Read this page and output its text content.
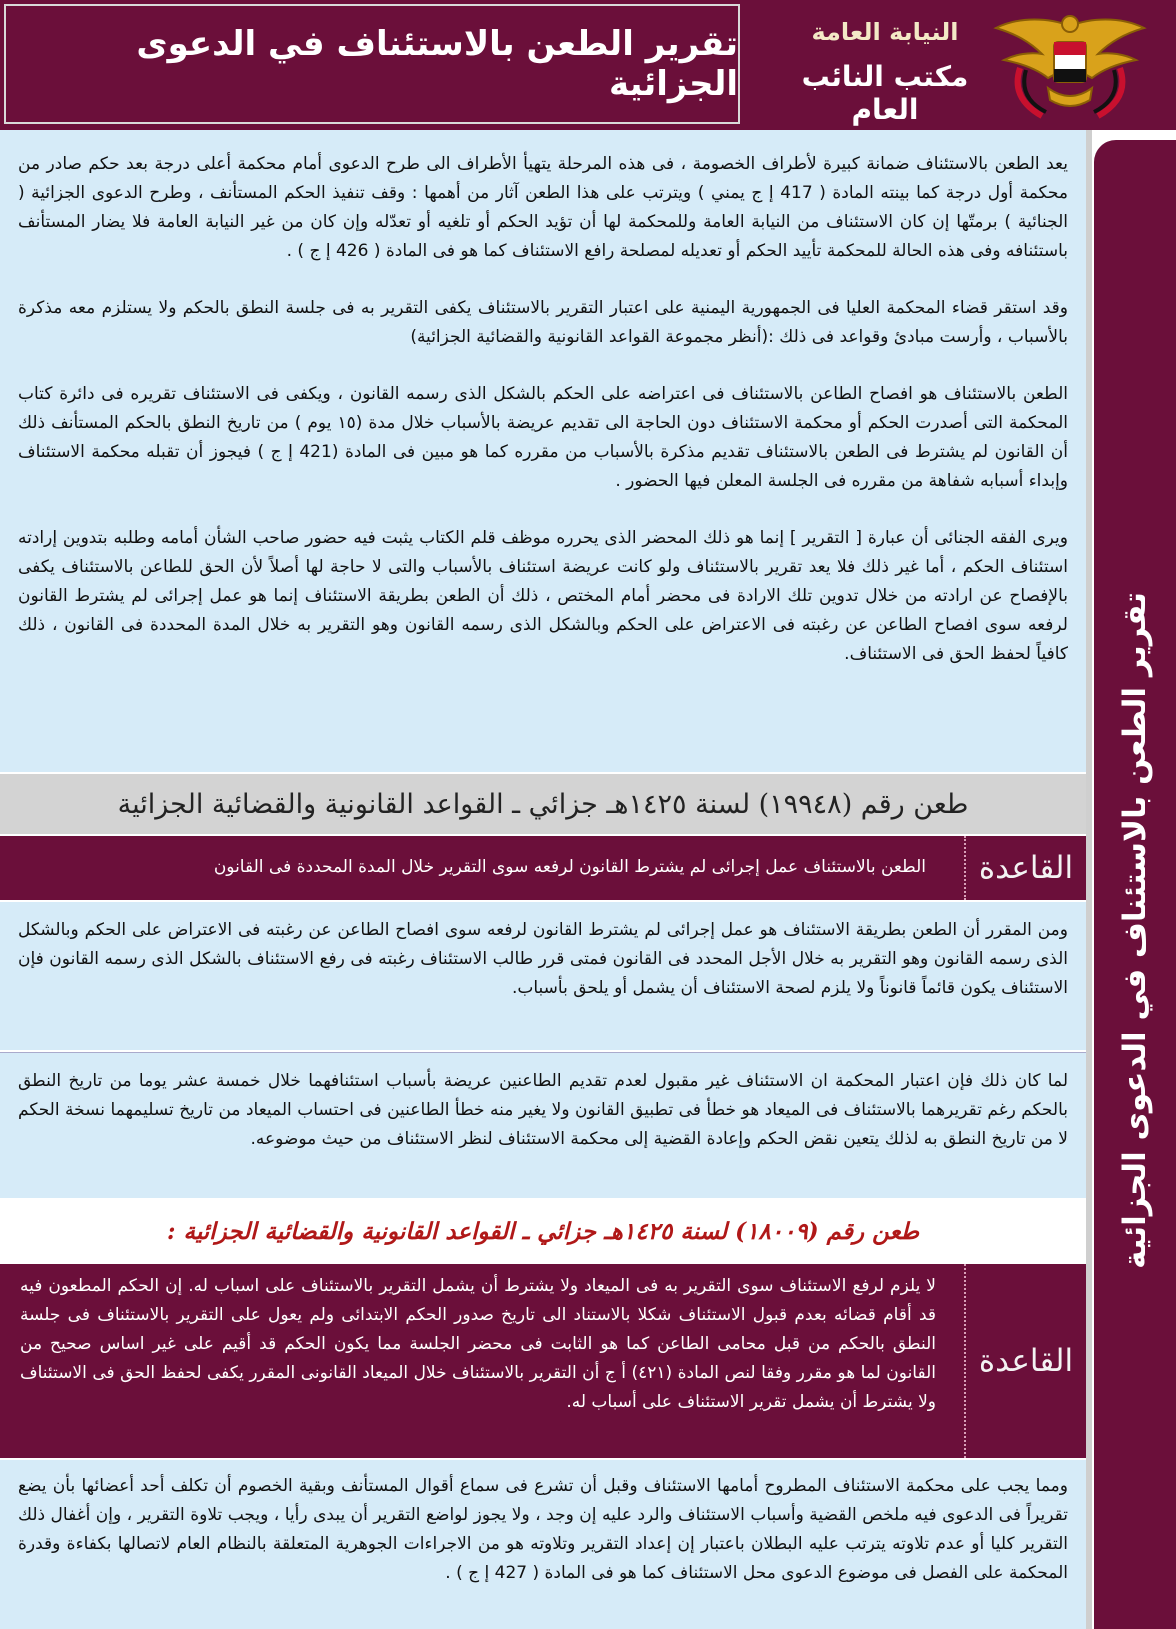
تقرير الطعن بالاستئناف في الدعوى الجزائية
النيابة العامة
مكتب النائب العام
تقرير الطعن بالاستئناف في الدعوى الجزائية

يعد الطعن بالاستئناف ضمانة كبيرة لأطراف الخصومة ، فى هذه المرحلة يتهيأ الأطراف الى طرح الدعوى أمام محكمة أعلى درجة بعد حكم صادر من محكمة أول درجة كما بينته المادة ( 417 إ ج يمني ) ويترتب على هذا الطعن آثار من أهمها : وقف تنفيذ الحكم المستأنف ، وطرح الدعوى الجزائية ( الجنائية ) برمتّها إن كان الاستئناف من النيابة العامة وللمحكمة لها أن تؤيد الحكم أو تلغيه أو تعدّله وإن كان من غير النيابة العامة فلا يضار المستأنف باستئنافه وفى هذه الحالة للمحكمة تأييد الحكم أو تعديله لمصلحة رافع الاستئناف كما هو فى المادة ( 426 إ ج ) .

وقد استقر قضاء المحكمة العليا فى الجمهورية اليمنية على اعتبار التقرير بالاستئناف يكفى التقرير به فى جلسة النطق بالحكم ولا يستلزم معه مذكرة بالأسباب ، وأرست مبادئ وقواعد فى ذلك :(أنظر مجموعة القواعد القانونية والقضائية الجزائية)

الطعن بالاستئناف هو افصاح الطاعن بالاستئناف فى اعتراضه على الحكم بالشكل الذى رسمه القانون ، ويكفى فى الاستئناف تقريره فى دائرة كتاب المحكمة التى أصدرت الحكم أو محكمة الاستئناف دون الحاجة الى تقديم عريضة بالأسباب خلال مدة (١٥ يوم ) من تاريخ النطق بالحكم المستأنف ذلك أن القانون لم يشترط فى الطعن بالاستئناف تقديم مذكرة بالأسباب من مقرره كما هو مبين فى المادة (421 إ ج ) فيجوز أن تقبله محكمة الاستئناف وإبداء أسبابه شفاهة من مقرره فى الجلسة المعلن فيها الحضور .

ويرى الفقه الجنائى أن عبارة [ التقرير ] إنما هو ذلك المحضر الذى يحرره موظف قلم الكتاب يثبت فيه حضور صاحب الشأن أمامه وطلبه بتدوين إرادته استئناف الحكم ، أما غير ذلك فلا يعد تقرير بالاستئناف ولو كانت عريضة استئناف بالأسباب والتى لا حاجة لها أصلاً لأن الحق للطاعن بالاستئناف يكفى بالإفصاح عن ارادته من خلال تدوين تلك الارادة فى محضر أمام المختص ، ذلك أن الطعن بطريقة الاستئناف إنما هو عمل إجرائى لم يشترط القانون لرفعه سوى افصاح الطاعن عن رغبته فى الاعتراض على الحكم وبالشكل الذى رسمه القانون وهو التقرير به خلال المدة المحددة فى القانون ، ذلك كافياً لحفظ الحق فى الاستئناف.

طعن رقم (١٩٩٤٨) لسنة ١٤٢٥هـ جزائي ـ القواعد القانونية والقضائية الجزائية
القاعدة
الطعن بالاستئناف عمل إجرائى لم يشترط القانون لرفعه سوى التقرير خلال المدة المحددة فى القانون

ومن المقرر أن الطعن بطريقة الاستئناف هو عمل إجرائى لم يشترط القانون لرفعه سوى افصاح الطاعن عن رغبته فى الاعتراض على الحكم وبالشكل الذى رسمه القانون وهو التقرير به خلال الأجل المحدد فى القانون فمتى قرر طالب الاستئناف رغبته فى رفع الاستئناف بالشكل الذى رسمه القانون فإن الاستئناف يكون قائماً قانوناً ولا يلزم لصحة الاستئناف أن يشمل أو يلحق بأسباب.

لما كان ذلك فإن اعتبار المحكمة ان الاستئناف غير مقبول لعدم تقديم الطاعنين عريضة بأسباب استئنافهما خلال خمسة عشر يوما من تاريخ النطق بالحكم رغم تقريرهما بالاستئناف فى الميعاد هو خطأ فى تطبيق القانون ولا يغير منه خطأ الطاعنين فى احتساب الميعاد من تاريخ تسليمهما نسخة الحكم لا من تاريخ النطق به لذلك يتعين نقض الحكم وإعادة القضية إلى محكمة الاستئناف لنظر الاستئناف من حيث موضوعه.

طعن رقم (١٨٠٠٩) لسنة ١٤٢٥هـ جزائي ـ القواعد القانونية والقضائية الجزائية :
القاعدة
لا يلزم لرفع الاستئناف سوى التقرير به فى الميعاد ولا يشترط أن يشمل التقرير بالاستئناف على اسباب له. إن الحكم المطعون فيه قد أقام قضائه بعدم قبول الاستئناف شكلا بالاستناد الى تاريخ صدور الحكم الابتدائى ولم يعول على التقرير بالاستئناف فى جلسة النطق بالحكم من قبل محامى الطاعن كما هو الثابت فى محضر الجلسة مما يكون الحكم قد أقيم على غير اساس صحيح من القانون لما هو مقرر وفقا لنص المادة (٤٢١) أ ج أن التقرير بالاستئناف خلال الميعاد القانونى المقرر يكفى لحفظ الحق فى الاستئناف ولا يشترط أن يشمل تقرير الاستئناف على أسباب له.

ومما يجب على محكمة الاستئناف المطروح أمامها الاستئناف وقبل أن تشرع فى سماع أقوال المستأنف وبقية الخصوم أن تكلف أحد أعضائها بأن يضع تقريراً فى الدعوى فيه ملخص القضية وأسباب الاستئناف والرد عليه إن وجد ، ولا يجوز لواضع التقرير أن يبدى رأيا ، ويجب تلاوة التقرير ، وإن أغفال ذلك التقرير كليا أو عدم تلاوته يترتب عليه البطلان باعتبار إن إعداد التقرير وتلاوته هو من الاجراءات الجوهرية المتعلقة بالنظام العام لاتصالها بكفاءة وقدرة المحكمة على الفصل فى موضوع الدعوى محل الاستئناف كما هو فى المادة ( 427 إ ج ) .
